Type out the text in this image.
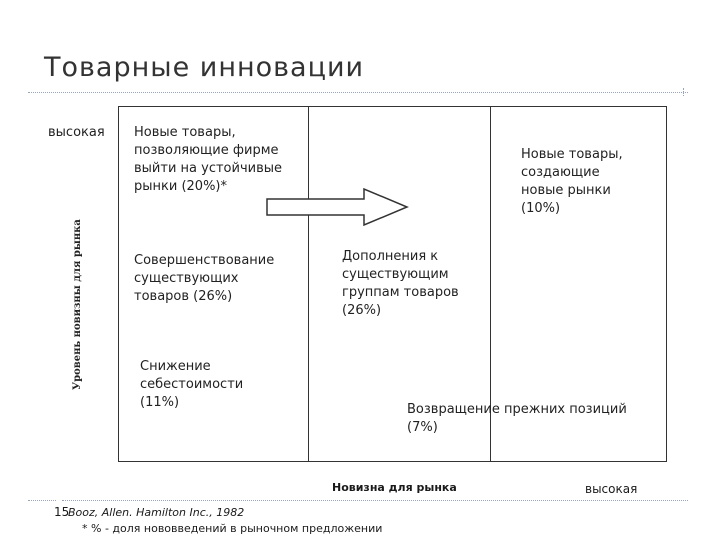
Товарные инновации
высокая
Уровень новизны для рынка
Новые товары,
позволяющие фирме
выйти на устойчивые
рынки (20%)*
Новые товары,
создающие
новые рынки
(10%)
Совершенствование
существующих
товаров (26%)
Дополнения к
существующим
группам товаров
(26%)
Снижение
себестоимости
(11%)	Возвращение прежних позиций
(7%)
Новизна для рынка	высокая
15
Booz, Allen. Hamilton Inc., 1982
* % - доля нововведений в рыночном предложении
